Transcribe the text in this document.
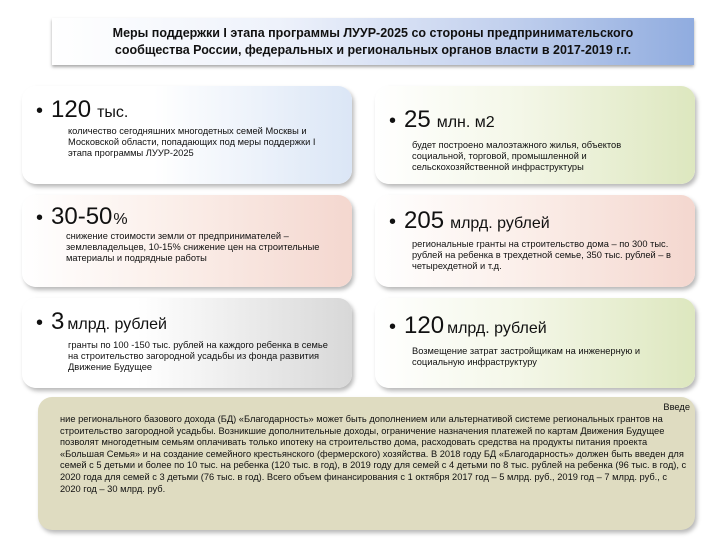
Меры поддержки I этапа программы ЛУУР-2025 со стороны предпринимательского
сообщества России, федеральных и региональных органов власти в 2017-2019 г.г.
• 120 тыс.
количество сегодняшних многодетных семей Москвы и Московской области, попадающих под меры поддержки I этапа программы ЛУУР-2025
• 25 млн. м2
будет построено малоэтажного жилья, объектов социальной, торговой, промышленной и сельскохозяйственной инфраструктуры
• 30-50%
снижение стоимости земли от предпринимателей – землевладельцев, 10-15% снижение цен на строительные материалы и подрядные работы
• 205 млрд. рублей
региональные гранты на строительство дома – по 300 тыс. рублей на ребенка в трехдетной семье, 350 тыс. рублей – в четырехдетной и т.д.
• 3 млрд. рублей
гранты по 100 -150 тыс. рублей на каждого ребенка в семье на строительство загородной усадьбы из фонда развития Движение Будущее
• 120 млрд. рублей
Возмещение затрат застройщикам на инженерную и социальную инфраструктуру
Введе
ние регионального базового дохода (БД) «Благодарность» может быть дополнением или альтернативой системе региональных грантов на строительство загородной усадьбы. Возникшие дополнительные доходы, ограничение назначения платежей по картам Движения Будущее позволят многодетным семьям оплачивать только ипотеку на строительство дома, расходовать средства на продукты питания проекта «Большая Семья» и на создание семейного крестьянского (фермерского) хозяйства. В 2018 году БД «Благодарность» должен быть введен для семей с 5 детьми и более по 10 тыс. на ребенка (120 тыс. в год), в 2019 году для семей с 4 детьми по 8 тыс. рублей на ребенка (96 тыс. в год), с 2020 года для семей с 3 детьми (76 тыс. в год). Всего объем финансирования с 1 октября 2017 год – 5 млрд. руб., 2019 год – 7 млрд. руб., с 2020 год – 30 млрд. руб.
